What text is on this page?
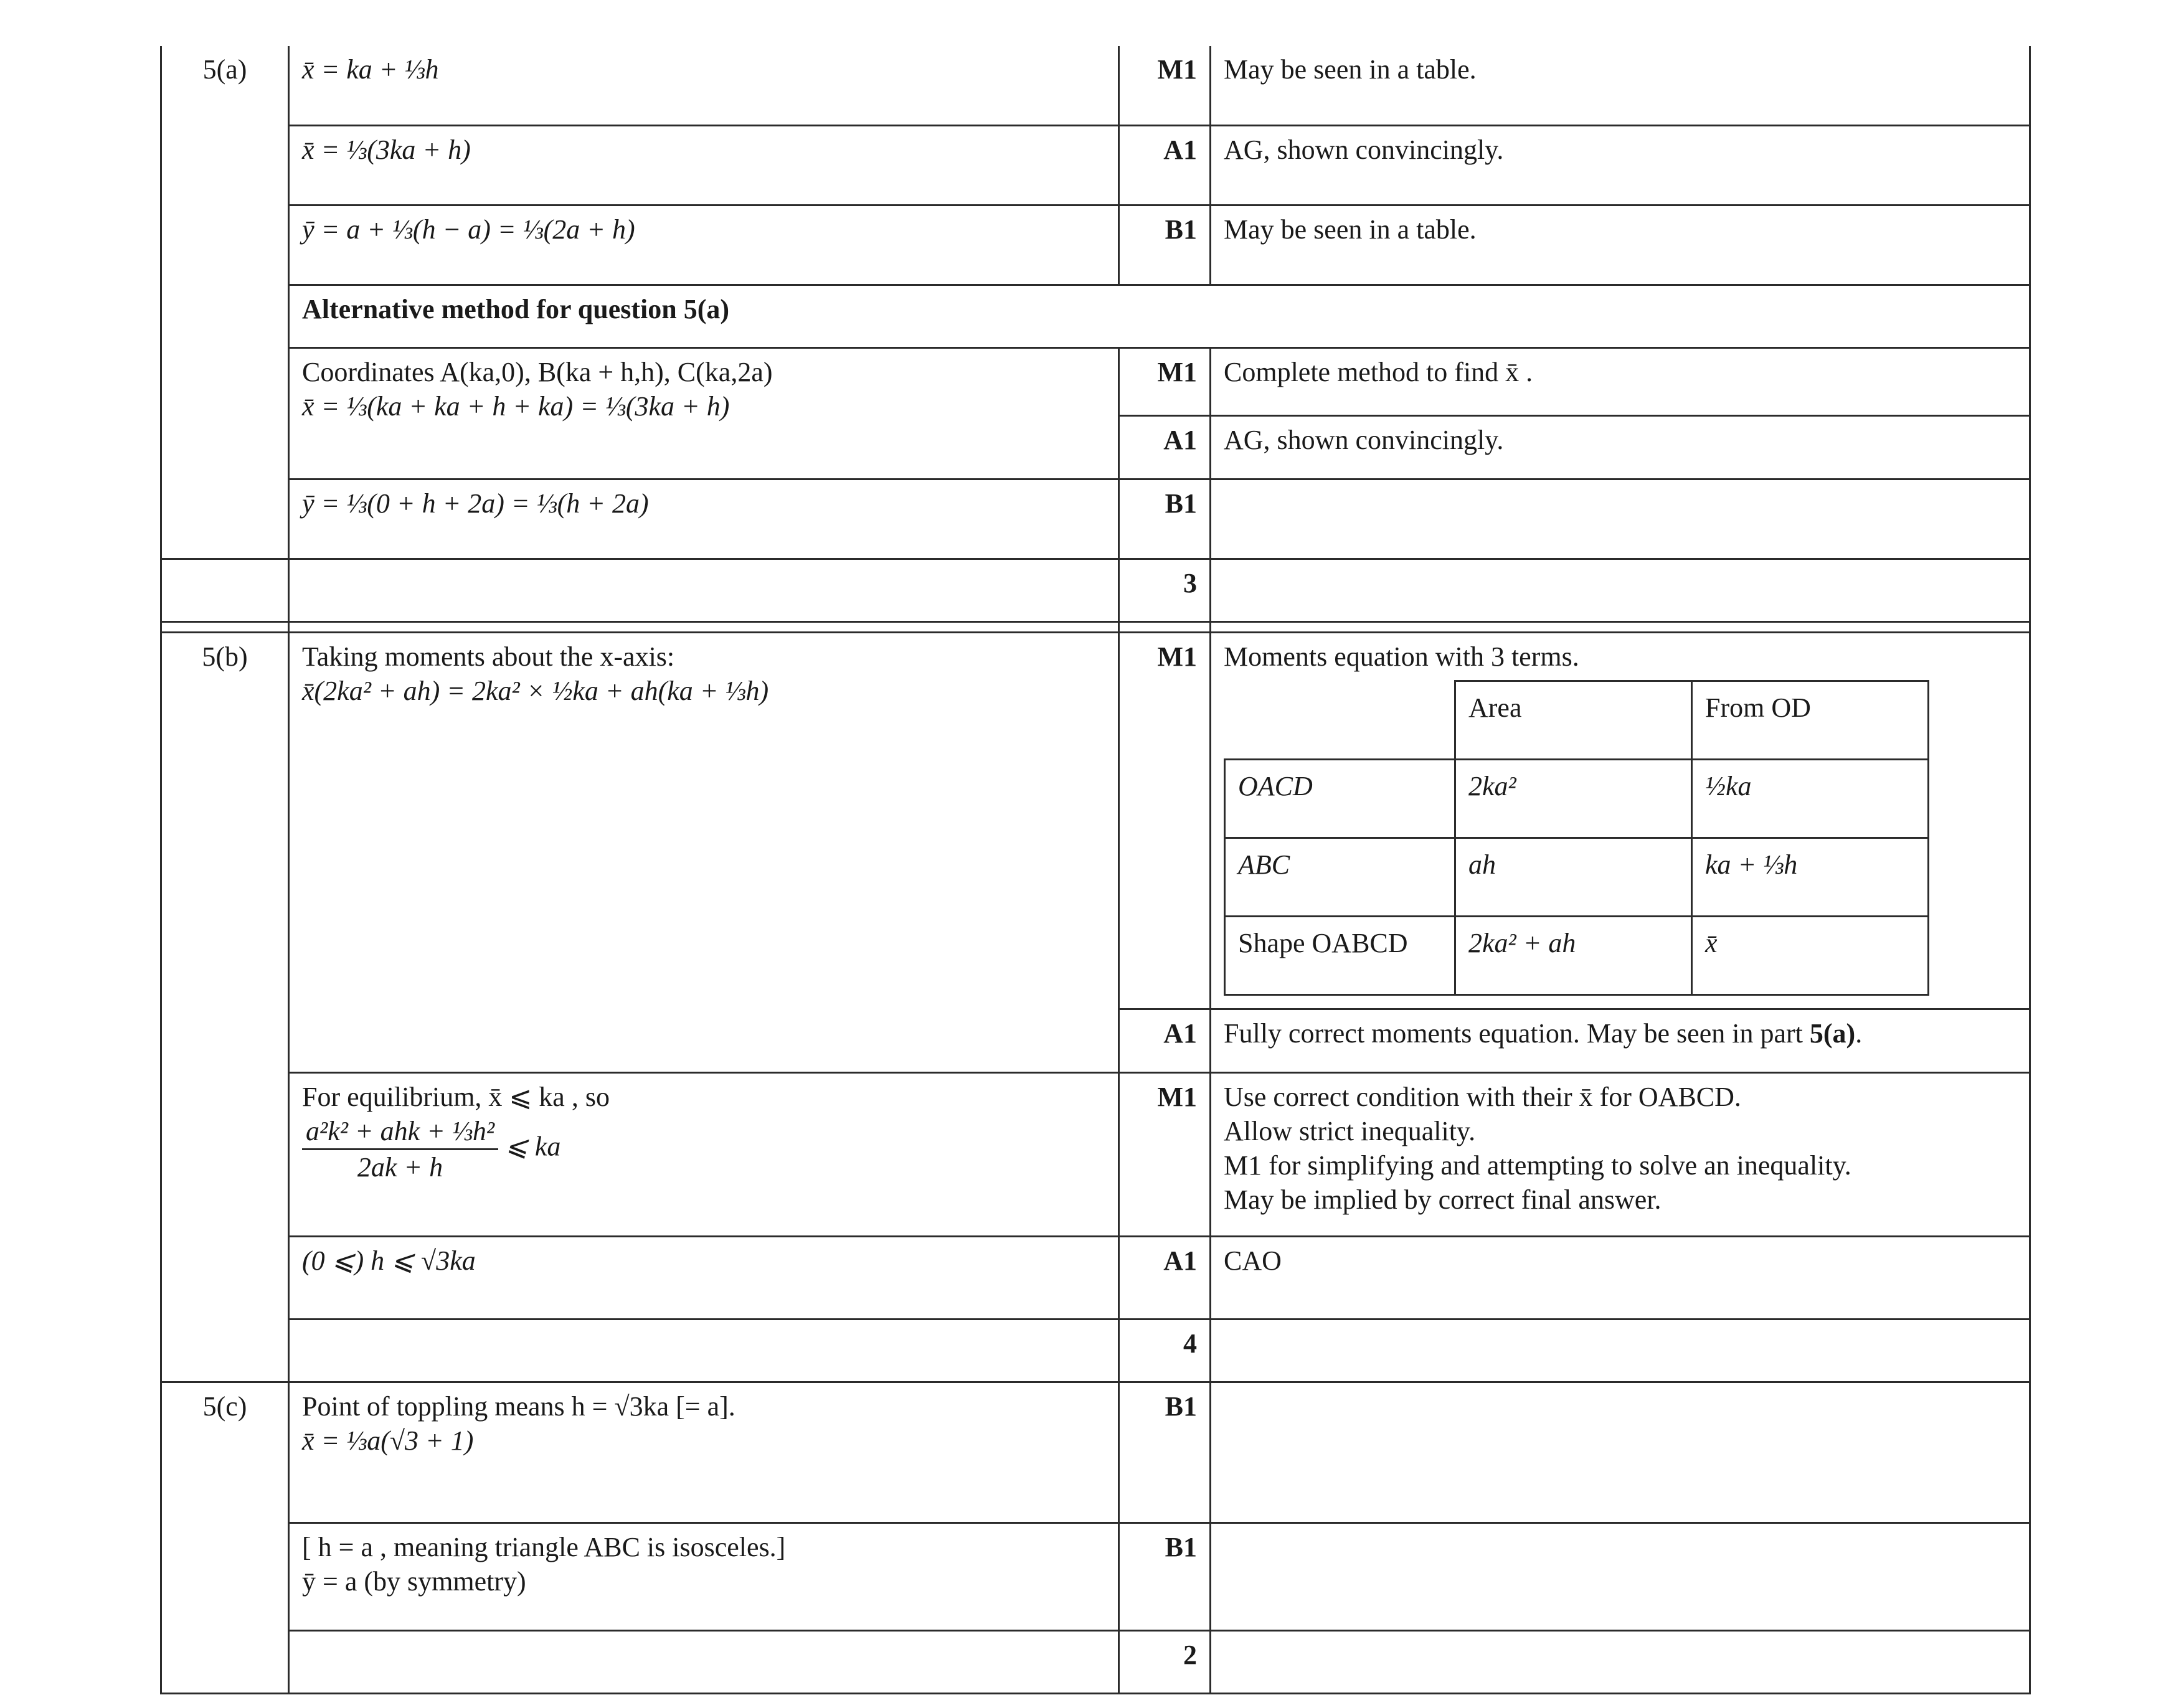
5(a)	x̄ = ka + ⅓h	M1	May be seen in a table.
x̄ = ⅓(3ka + h)	A1	AG, shown convincingly.
ȳ = a + ⅓(h − a) = ⅓(2a + h)	B1	May be seen in a table.
Alternative method for question 5(a)

Coordinates A(ka,0), B(ka + h,h), C(ka,2a)
x̄ = ⅓(ka + ka + h + ka) = ⅓(3ka + h)
	M1	Complete method to find x̄ .
A1	AG, shown convincingly.
ȳ = ⅓(0 + h + 2a) = ⅓(h + 2a)	B1	
		3	

5(b)	Taking moments about the x-axis:
x̄(2ka² + ah) = 2ka² × ½ka + ah(ka + ⅓h)
	M1	Moments equation with 3 terms.
	Area	From OD
OACD	2ka²	½ka
ABC	ah	ka + ⅓h
Shape OABCD	2ka² + ah	x̄

A1	Fully correct moments equation. May be seen in part 5(a).

For equilibrium, x̄ ⩽ ka , so
$\frac{\text{a²k² + ahk + ⅓h²}}{2ak + h}$ ⩽ ka
	M1	Use correct condition with their x̄ for OABCD.
Allow strict inequality.
M1 for simplifying and attempting to solve an inequality.
May be implied by correct final answer.

(0 ⩽) h ⩽ √3ka	A1	CAO
	4	
5(c)	Point of toppling means h = √3ka [= a].
x̄ = ⅓a(√3 + 1)
	B1	

[ h = a , meaning triangle ABC is isosceles.]
ȳ = a (by symmetry)
	B1	
	2	
